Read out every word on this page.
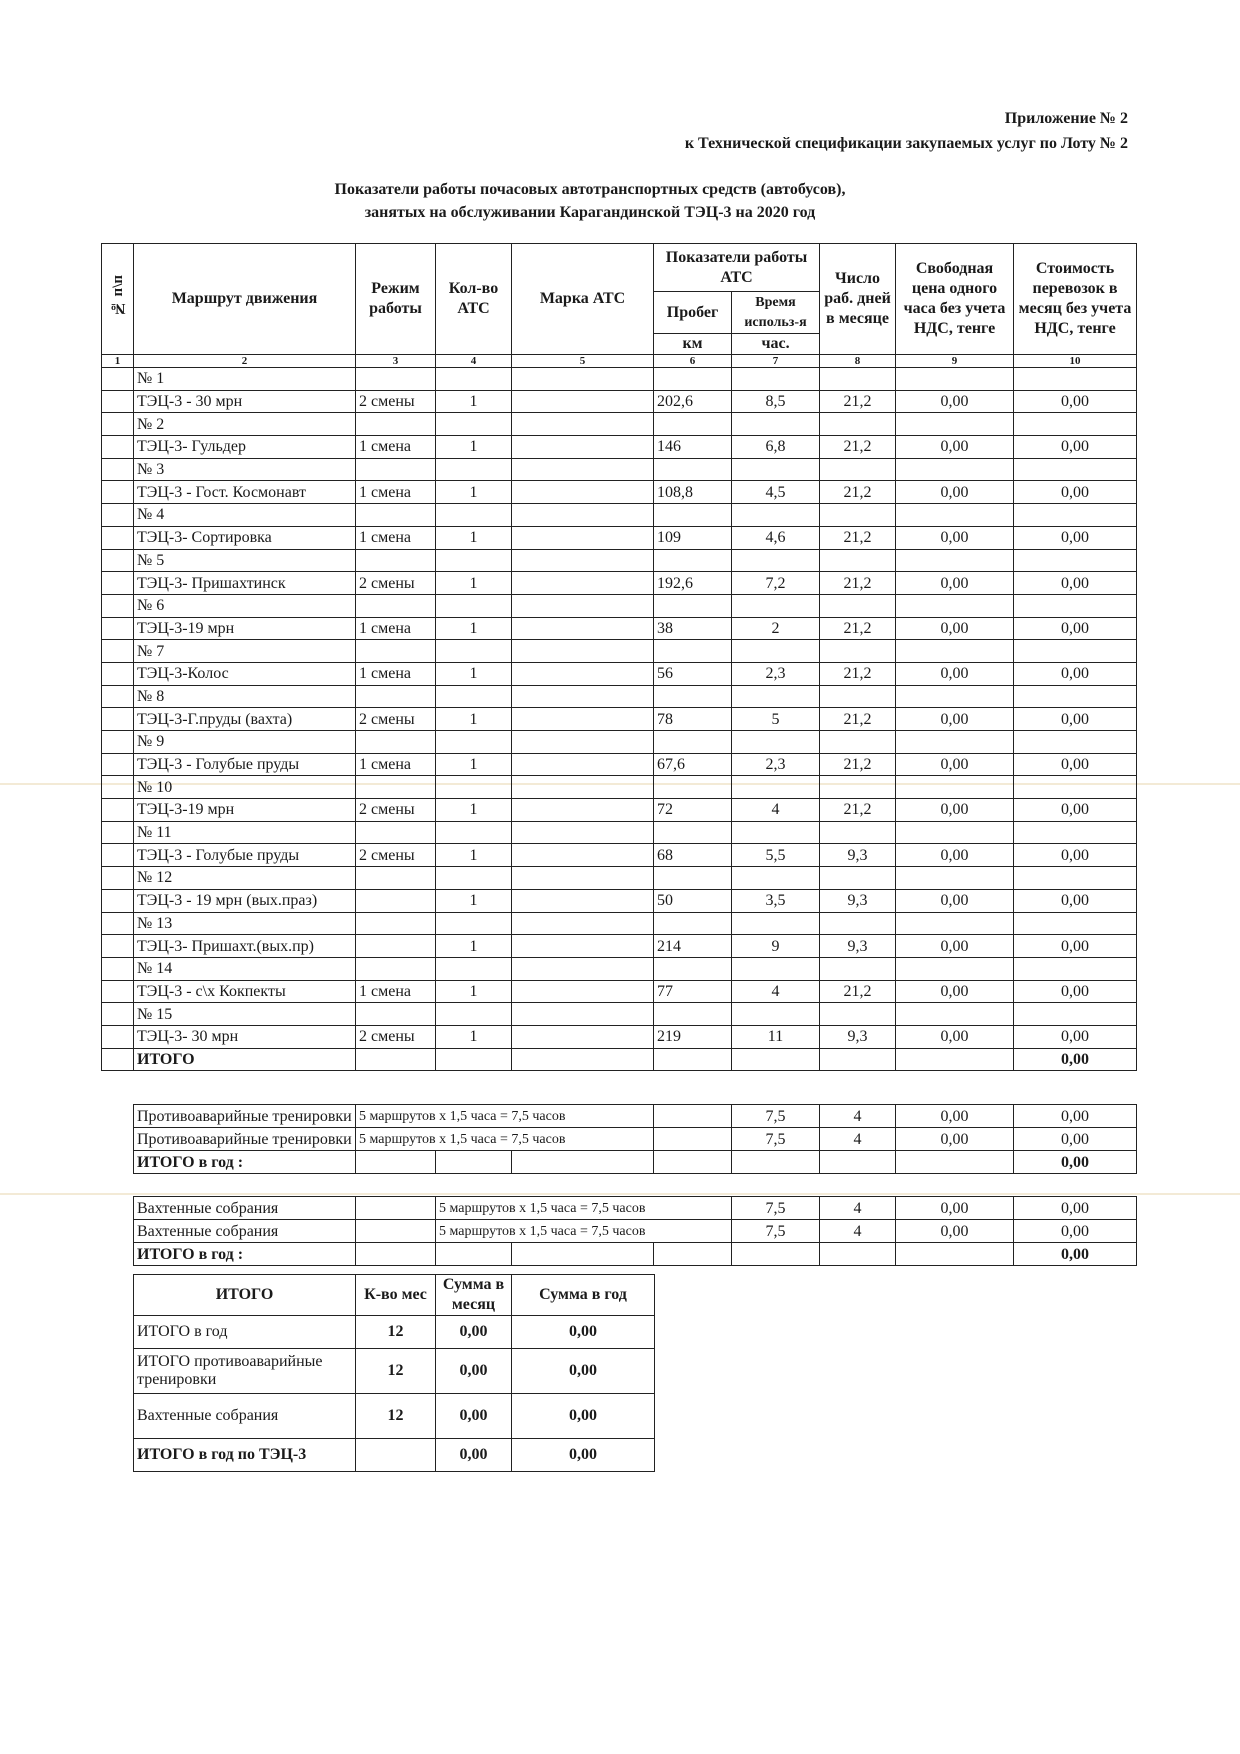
Приложение № 2
к Технической спецификации закупаемых услуг по Лоту № 2
Показатели работы почасовых автотранспортных средств (автобусов),
занятых на обслуживании Карагандинской ТЭЦ-3 на 2020 год
№ п\п	Маршрут движения	Режим работы	Кол-во АТС	Марка АТС	Показатели работы АТС		Число раб. дней в месяце	Свободная цена одного часа без учета НДС, тенге	Стоимость перевозок в месяц без учета НДС, тенге
					Пробег	Время использ-я			
					км	час.			
1	2	3	4	5	6	7	8	9	10
	№ 1								
	ТЭЦ-3 - 30 мрн	2 смены	1		202,6	8,5	21,2	0,00	0,00
	№ 2								
	ТЭЦ-3- Гульдер	1 смена	1		146	6,8	21,2	0,00	0,00
	№ 3								
	ТЭЦ-3 - Гост. Космонавт	1 смена	1		108,8	4,5	21,2	0,00	0,00
	№ 4								
	ТЭЦ-3- Сортировка	1 смена	1		109	4,6	21,2	0,00	0,00
	№ 5								
	ТЭЦ-3- Пришахтинск	2 смены	1		192,6	7,2	21,2	0,00	0,00
	№ 6								
	ТЭЦ-3-19 мрн	1 смена	1		38	2	21,2	0,00	0,00
	№ 7								
	ТЭЦ-3-Колос	1 смена	1		56	2,3	21,2	0,00	0,00
	№ 8								
	ТЭЦ-3-Г.пруды (вахта)	2 смены	1		78	5	21,2	0,00	0,00
	№ 9								
	ТЭЦ-3 - Голубые пруды	1 смена	1		67,6	2,3	21,2	0,00	0,00
	№ 10								
	ТЭЦ-3-19 мрн	2 смены	1		72	4	21,2	0,00	0,00
	№ 11								
	ТЭЦ-3 - Голубые пруды	2 смены	1		68	5,5	9,3	0,00	0,00
	№ 12								
	ТЭЦ-3 - 19 мрн (вых.праз)		1		50	3,5	9,3	0,00	0,00
	№ 13								
	ТЭЦ-3- Пришахт.(вых.пр)		1		214	9	9,3	0,00	0,00
	№ 14								
	ТЭЦ-3 - с\х Кокпекты	1 смена	1		77	4	21,2	0,00	0,00
	№ 15								
	ТЭЦ-3- 30 мрн	2 смены	1		219	11	9,3	0,00	0,00
	ИТОГО								0,00
Противоаварийные тренировки	5 маршрутов х 1,5 часа = 7,5 часов				7,5	4	0,00	0,00
Противоаварийные тренировки	5 маршрутов х 1,5 часа = 7,5 часов				7,5	4	0,00	0,00
ИТОГО в год :								0,00
Вахтенные собрания		5 маршрутов х 1,5 часа = 7,5 часов			7,5	4	0,00	0,00
Вахтенные собрания		5 маршрутов х 1,5 часа = 7,5 часов			7,5	4	0,00	0,00
ИТОГО в год :								0,00
ИТОГО	К-во мес	Сумма в месяц	Сумма в год
ИТОГО в год	12	0,00	0,00
ИТОГО противоаварийные тренировки	12	0,00	0,00
Вахтенные собрания	12	0,00	0,00
ИТОГО в год по ТЭЦ-3		0,00	0,00
